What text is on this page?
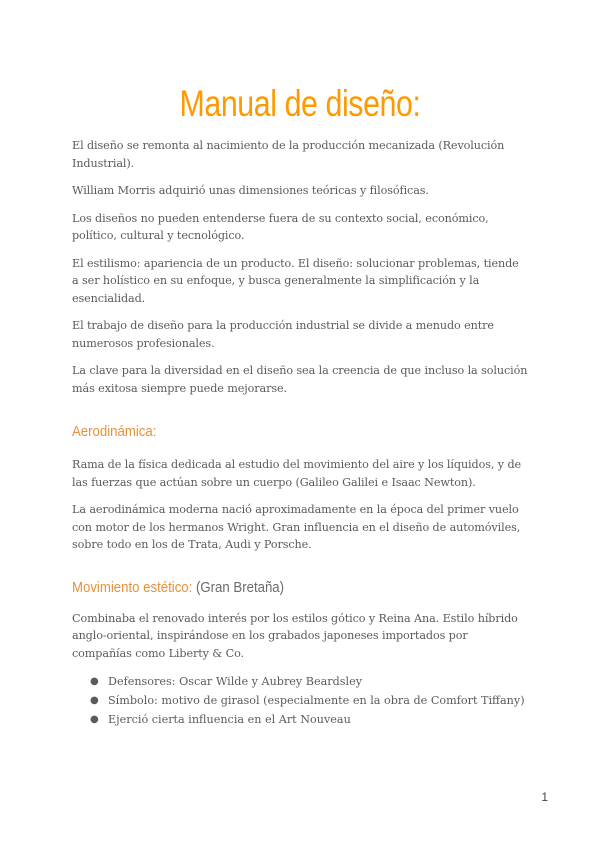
Manual de diseño:

El diseño se remonta al nacimiento de la producción mecanizada (Revolución Industrial).

William Morris adquirió unas dimensiones teóricas y filosóficas.

Los diseños no pueden entenderse fuera de su contexto social, económico, político, cultural y tecnológico.

El estilismo: apariencia de un producto. El diseño: solucionar problemas, tiende a ser holístico en su enfoque, y busca generalmente la simplificación y la esencialidad.

El trabajo de diseño para la producción industrial se divide a menudo entre numerosos profesionales.

La clave para la diversidad en el diseño sea la creencia de que incluso la solución más exitosa siempre puede mejorarse.

Aerodinámica:

Rama de la física dedicada al estudio del movimiento del aire y los líquidos, y de las fuerzas que actúan sobre un cuerpo (Galileo Galilei e Isaac Newton).

La aerodinámica moderna nació aproximadamente en la época del primer vuelo con motor de los hermanos Wright. Gran influencia en el diseño de automóviles, sobre todo en los de Trata, Audi y Porsche.

Movimiento estético: (Gran Bretaña)

Combinaba el renovado interés por los estilos gótico y Reina Ana. Estilo híbrido anglo-oriental, inspirándose en los grabados japoneses importados por compañías como Liberty & Co.

● Defensores: Oscar Wilde y Aubrey Beardsley
● Símbolo: motivo de girasol (especialmente en la obra de Comfort Tiffany)
● Ejerció cierta influencia en el Art Nouveau
1
